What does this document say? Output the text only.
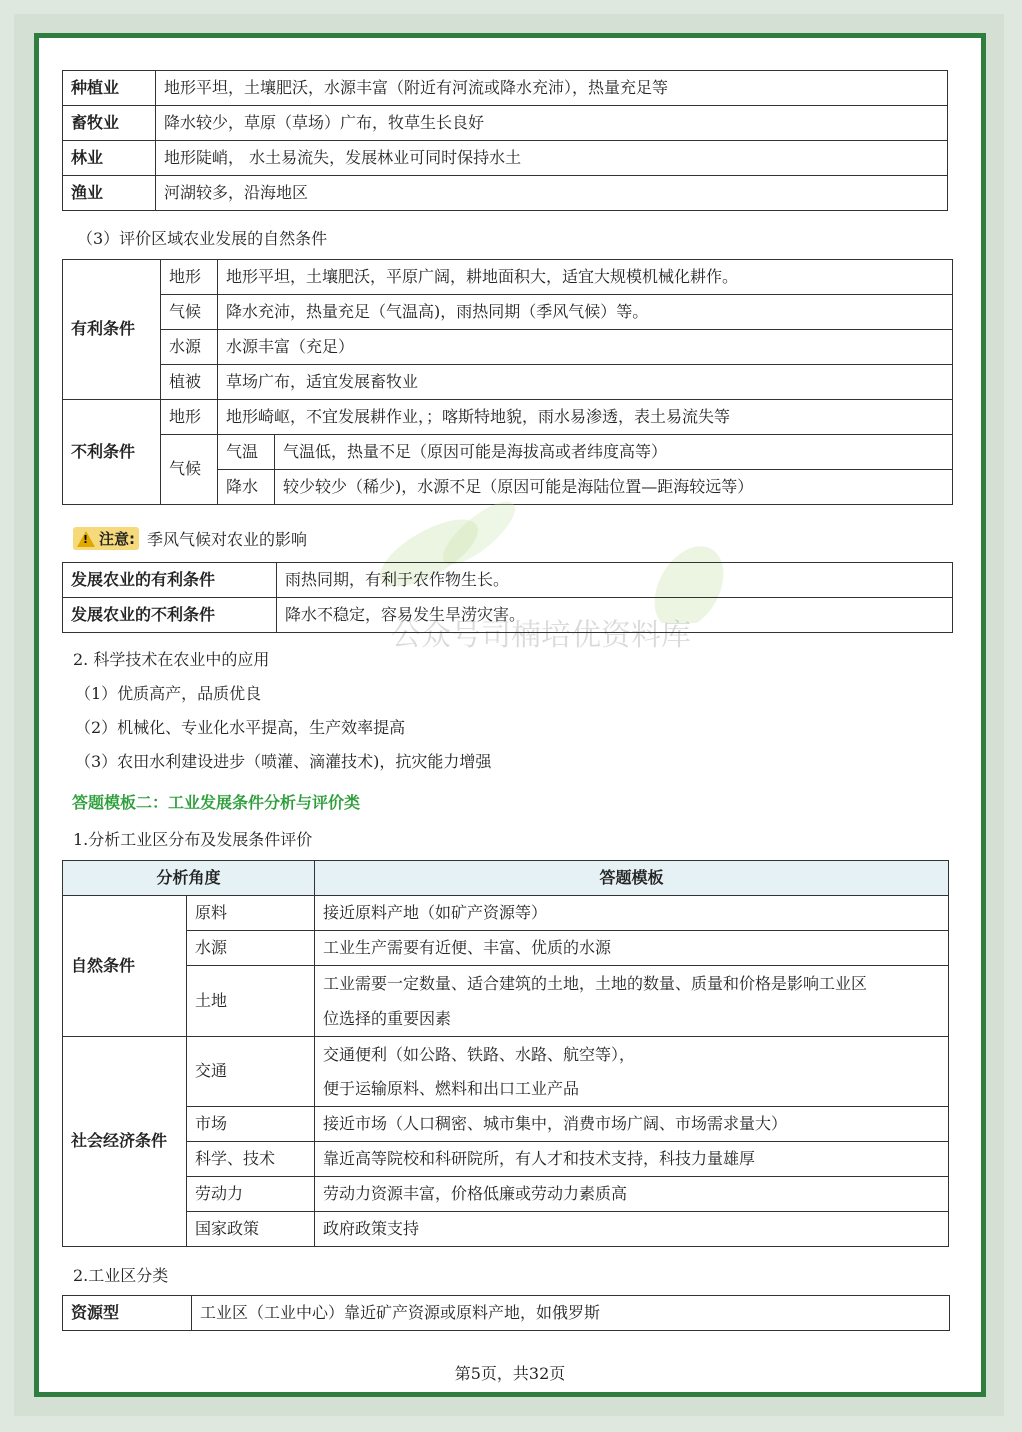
种植业	地形平坦，土壤肥沃，水源丰富（附近有河流或降水充沛），热量充足等
畜牧业	降水较少，草原（草场）广布，牧草生长良好
林业	地形陡峭， 水土易流失，发展林业可同时保持水土
渔业	河湖较多，沿海地区
（3）评价区域农业发展的自然条件
有利条件	地形	地形平坦，土壤肥沃，平原广阔，耕地面积大，适宜大规模机械化耕作。	
	气候	降水充沛，热量充足（气温高)，雨热同期（季风气候）等。	
	水源	水源丰富（充足）	
	植被	草场广布，适宜发展畜牧业	
不利条件	地形	地形崎岖，不宜发展耕作业，；喀斯特地貌，雨水易渗透，表土易流失等	
	气候	气温	气温低，热量不足（原因可能是海拔高或者纬度高等）
		降水	较少较少（稀少)，水源不足（原因可能是海陆位置—距海较远等）
公众号司楠培优资料库
!
注意: 季风气候对农业的影响
发展农业的有利条件	雨热同期，有利于农作物生长。
发展农业的不利条件	降水不稳定，容易发生旱涝灾害。
2. 科学技术在农业中的应用
（1）优质高产，品质优良
（2）机械化、专业化水平提高，生产效率提高
（3）农田水利建设进步（喷灌、滴灌技术)，抗灾能力增强
答题模板二：工业发展条件分析与评价类
1.分析工业区分布及发展条件评价
分析角度		答题模板
自然条件	原料	接近原料产地（如矿产资源等）
	水源	工业生产需要有近便、丰富、优质的水源
	土地	工业需要一定数量、适合建筑的土地，土地的数量、质量和价格是影响工业区
位选择的重要因素

社会经济条件	交通	交通便利（如公路、铁路、水路、航空等），
便于运输原料、燃料和出口工业产品

	市场	接近市场（人口稠密、城市集中，消费市场广阔、市场需求量大）
	科学、技术	靠近高等院校和科研院所，有人才和技术支持，科技力量雄厚
	劳动力	劳动力资源丰富，价格低廉或劳动力素质高
	国家政策	政府政策支持
2.工业区分类
资源型	工业区（工业中心）靠近矿产资源或原料产地，如俄罗斯
第5页，共32页
